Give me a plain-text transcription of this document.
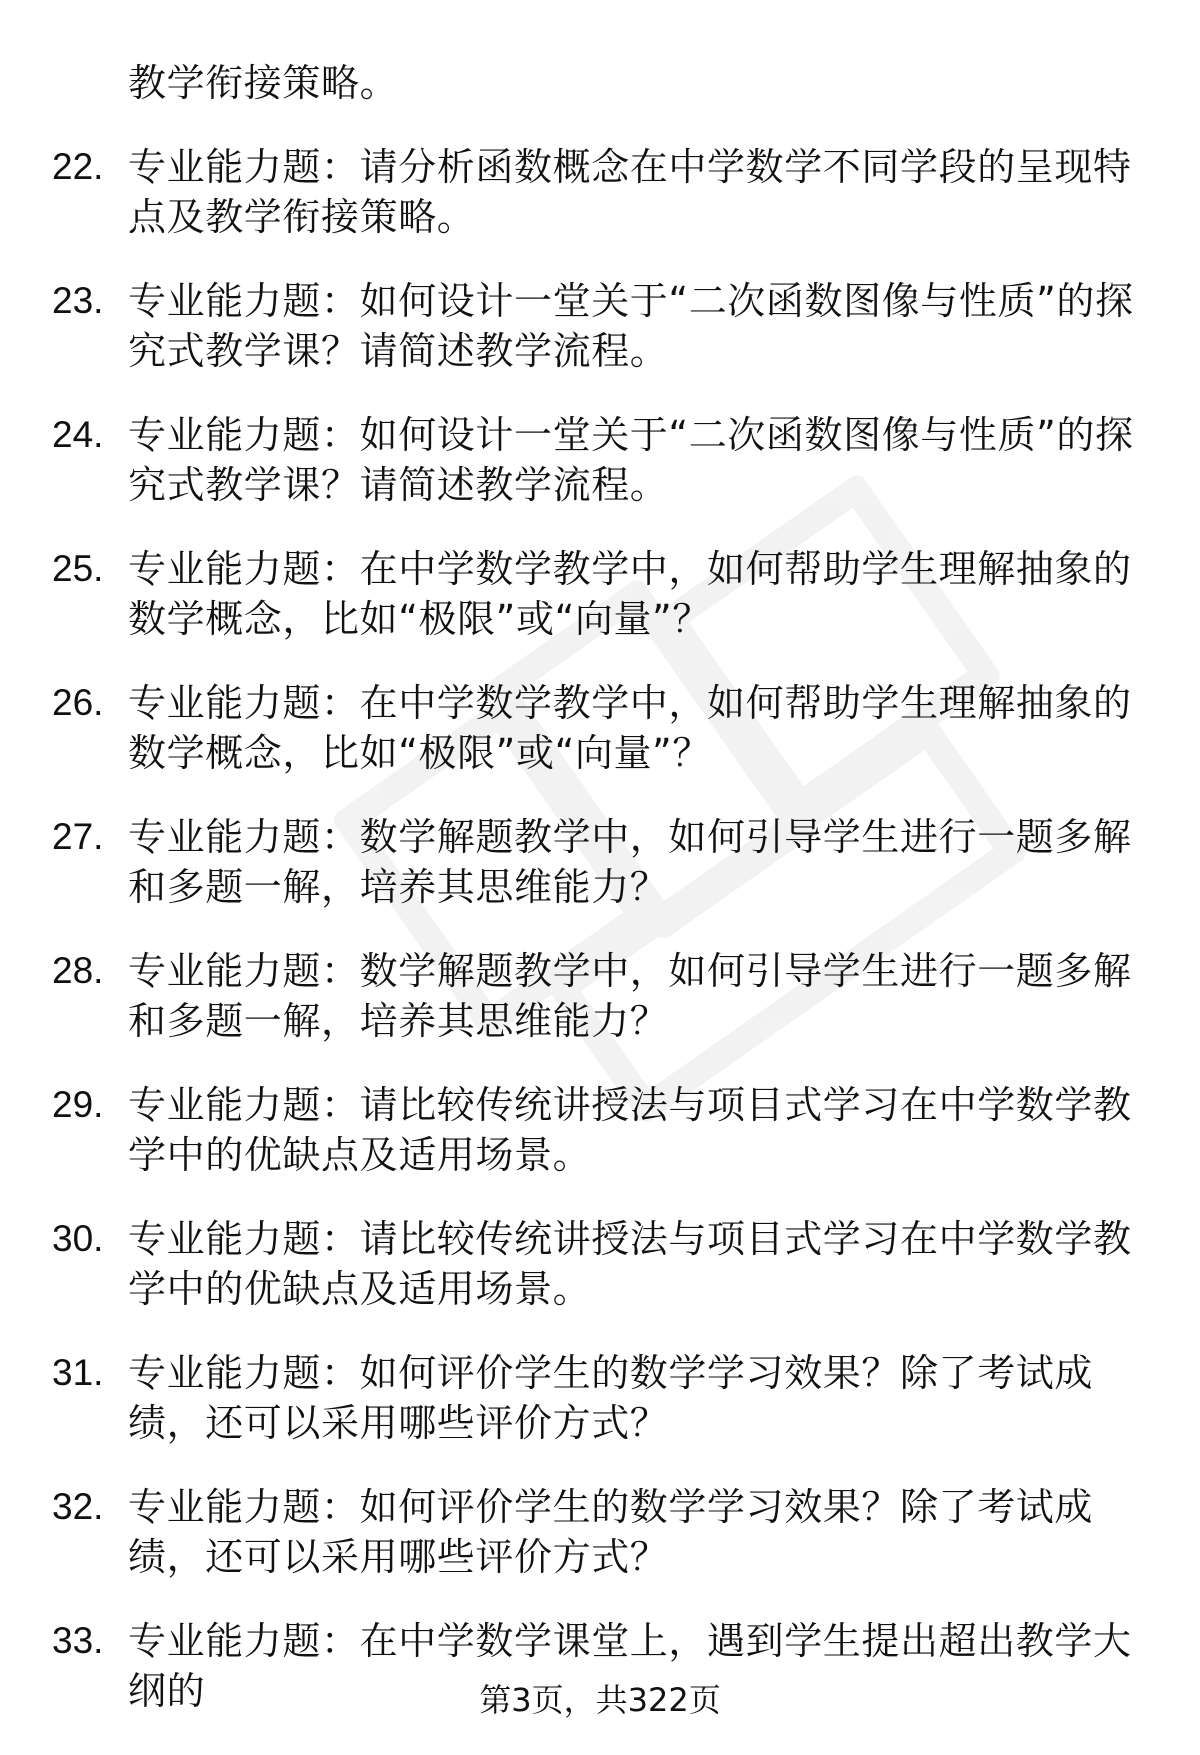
教学衔接策略。
22. 专业能力题：请分析函数概念在中学数学不同学段的呈现特点及教学衔接策略。
23. 专业能力题：如何设计一堂关于“二次函数图像与性质”的探究式教学课？请简述教学流程。
24. 专业能力题：如何设计一堂关于“二次函数图像与性质”的探究式教学课？请简述教学流程。
25. 专业能力题：在中学数学教学中，如何帮助学生理解抽象的数学概念，比如“极限”或“向量”？
26. 专业能力题：在中学数学教学中，如何帮助学生理解抽象的数学概念，比如“极限”或“向量”？
27. 专业能力题：数学解题教学中，如何引导学生进行一题多解和多题一解，培养其思维能力？
28. 专业能力题：数学解题教学中，如何引导学生进行一题多解和多题一解，培养其思维能力？
29. 专业能力题：请比较传统讲授法与项目式学习在中学数学教学中的优缺点及适用场景。
30. 专业能力题：请比较传统讲授法与项目式学习在中学数学教学中的优缺点及适用场景。
31. 专业能力题：如何评价学生的数学学习效果？除了考试成绩，还可以采用哪些评价方式？
32. 专业能力题：如何评价学生的数学学习效果？除了考试成绩，还可以采用哪些评价方式？
33. 专业能力题：在中学数学课堂上，遇到学生提出超出教学大纲的	第3页，共322页
